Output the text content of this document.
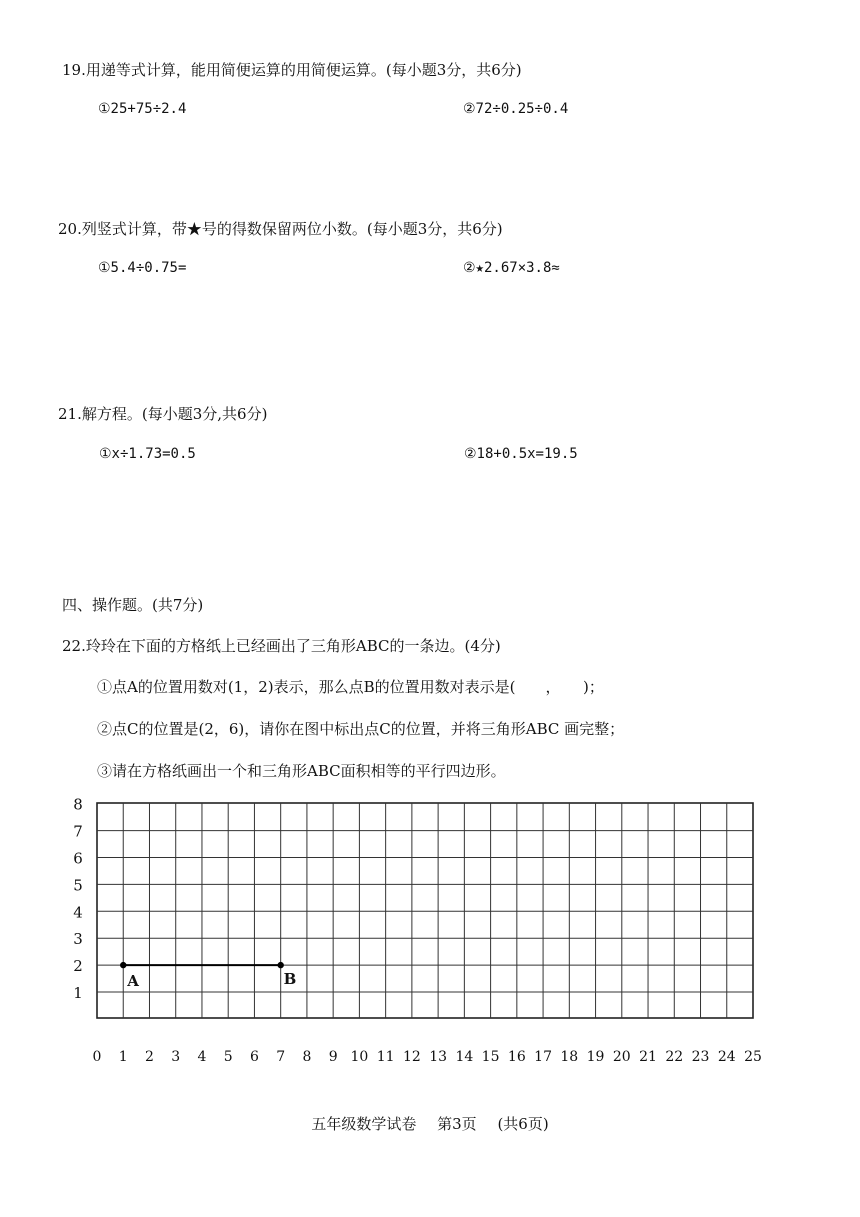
19.用递等式计算，能用简便运算的用简便运算。(每小题3分，共6分)
①25+75÷2.4	②72÷0.25÷0.4
20.列竖式计算，带★号的得数保留两位小数。(每小题3分，共6分)
①5.4÷0.75=	②★2.67×3.8≈
21.解方程。(每小题3分,共6分)
①x÷1.73=0.5	②18+0.5x=19.5
四、操作题。(共7分)
22.玲玲在下面的方格纸上已经画出了三角形ABC的一条边。(4分)
①点A的位置用数对(1，2)表示，那么点B的位置用数对表示是(　　，　　)；
②点C的位置是(2，6)，请你在图中标出点C的位置，并将三角形ABC 画完整；
③请在方格纸画出一个和三角形ABC面积相等的平行四边形。
1
2
3
4
5
6
7
8
0 1 2 3 4 5 6 7 8 9 10 11 12 13 14 15 16 17 18 19 20 21 22 23 24 25
A	B
五年级数学试卷 第3页 (共6页)
